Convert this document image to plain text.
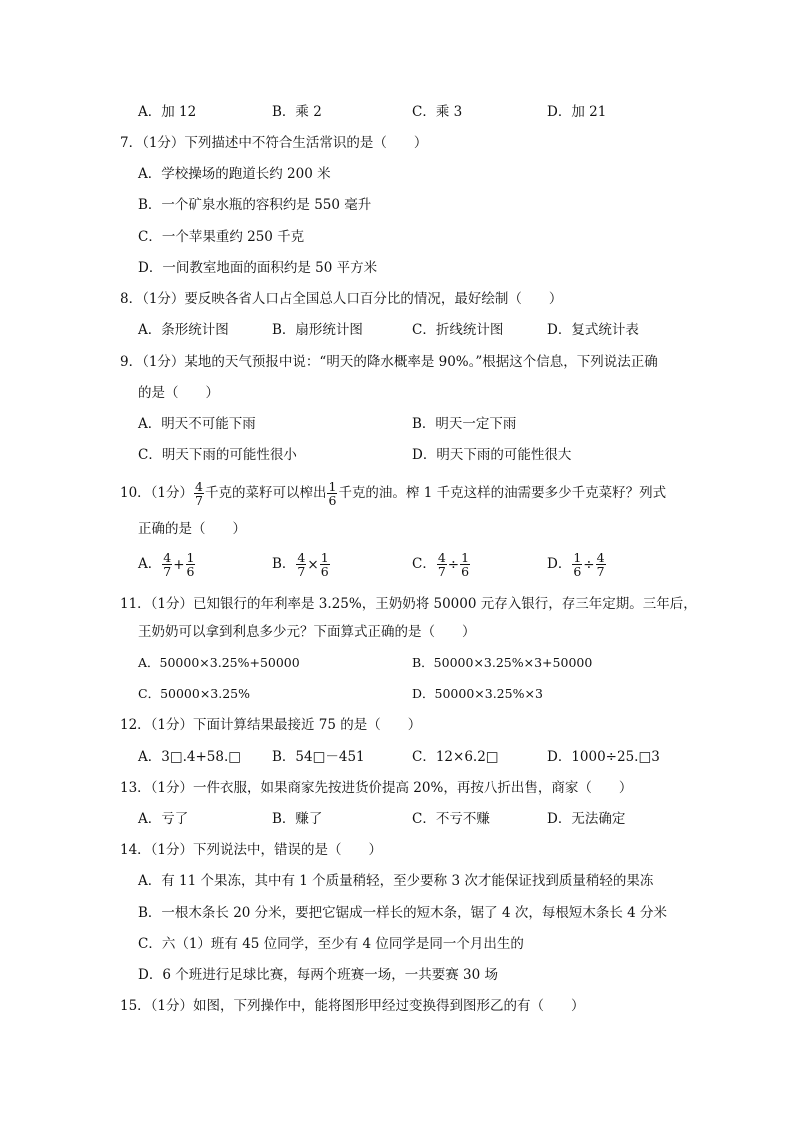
A．加 12	B．乘 2	C．乘 3	D．加 21
7．（1分）下列描述中不符合生活常识的是（　　）
A．学校操场的跑道长约 200 米
B．一个矿泉水瓶的容积约是 550 毫升
C．一个苹果重约 250 千克
D．一间教室地面的面积约是 50 平方米
8．（1分）要反映各省人口占全国总人口百分比的情况，最好绘制（　　）
A．条形统计图	B．扇形统计图	C．折线统计图	D．复式统计表
9．（1分）某地的天气预报中说：“明天的降水概率是 90%。”根据这个信息，下列说法正确
的是（　　）
A．明天不可能下雨	B．明天一定下雨
C．明天下雨的可能性很小	D．明天下雨的可能性很大
10．（1分） $\frac{4}{7}$ 千克的菜籽可以榨出 $\frac{1}{6}$ 千克的油。榨 1 千克这样的油需要多少千克菜籽？列式
正确的是（　　）
A． $\frac{4}{7} + \frac{1}{6}$	B． $\frac{4}{7} \times \frac{1}{6}$	C． $\frac{4}{7} \div \frac{1}{6}$	D． $\frac{1}{6} \div \frac{4}{7}$
11．（1分）已知银行的年利率是 3.25%，王奶奶将 50000 元存入银行，存三年定期。三年后，
王奶奶可以拿到利息多少元？下面算式正确的是（　　）
A．50000×3.25%+50000	B．50000×3.25%×3+50000
C．50000×3.25%	D．50000×3.25%×3
12．（1分）下面计算结果最接近 75 的是（　　）
A．3□.4+58.□ B．54□－451	C．12×6.2□	D．1000÷25.□3
13．（1分）一件衣服，如果商家先按进货价提高 20%，再按八折出售，商家（　　）
A．亏了	B．赚了	C．不亏不赚	D．无法确定
14．（1分）下列说法中，错误的是（　　）
A．有 11 个果冻，其中有 1 个质量稍轻，至少要称 3 次才能保证找到质量稍轻的果冻
B．一根木条长 20 分米，要把它锯成一样长的短木条，锯了 4 次，每根短木条长 4 分米
C．六（1）班有 45 位同学，至少有 4 位同学是同一个月出生的
D．6 个班进行足球比赛，每两个班赛一场，一共要赛 30 场
15．（1分）如图，下列操作中，能将图形甲经过变换得到图形乙的有（　　）
